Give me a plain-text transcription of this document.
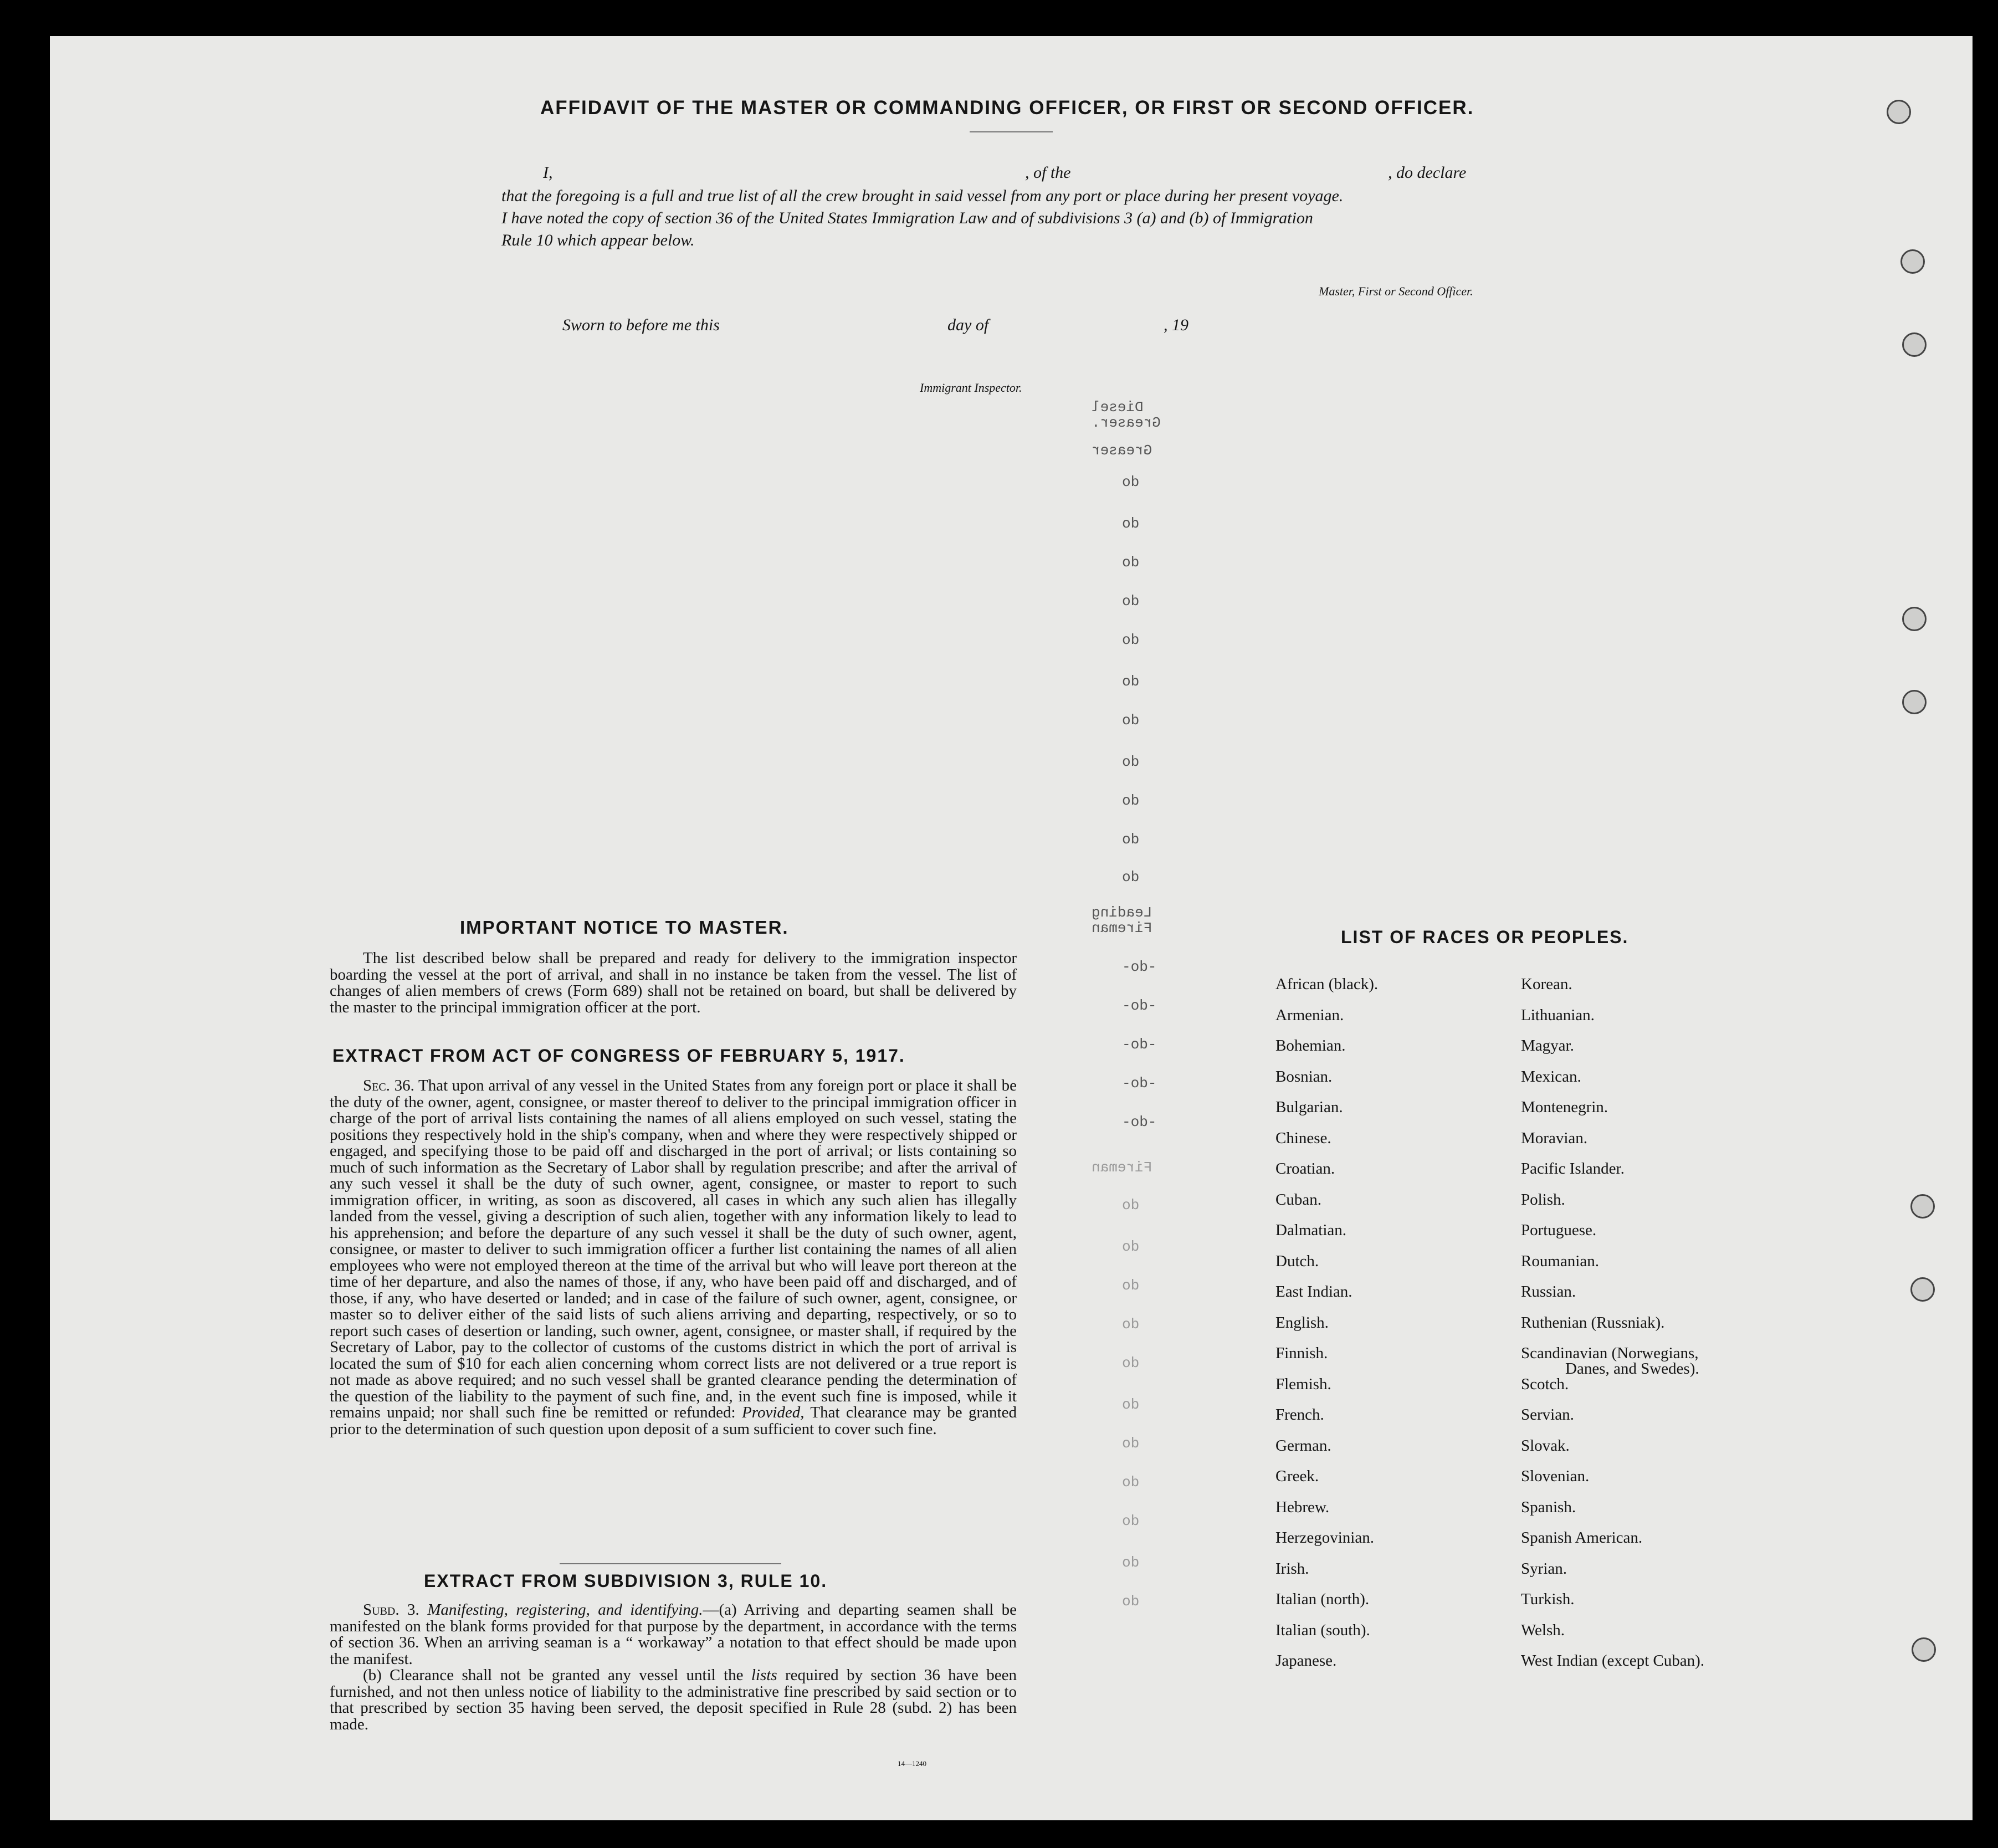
AFFIDAVIT OF THE MASTER OR COMMANDING OFFICER, OR FIRST OR SECOND OFFICER.
I,	, of the	, do declare
that the foregoing is a full and true list of all the crew brought in said vessel from any port or place during her present voyage.
I have noted the copy of section 36 of the United States Immigration Law and of subdivisions 3 (a) and (b) of Immigration
Rule 10 which appear below.
Master, First or Second Officer.
Sworn to before me this	day of	, 19
Immigrant Inspector.
Diesel
Greaser.
Greaser
do
do
do
do
do
do
do
do
do
do
do
Leading
Fireman
-do-
-do-
-do-
-do-
-do-
Fireman
do
do
do
do
do
do
do
do
do
do
do
IMPORTANT NOTICE TO MASTER.

The list described below shall be prepared and ready for delivery to the immigration inspector boarding the vessel at the port of arrival, and shall in no instance be taken from the vessel. The list of changes of alien members of crews (Form 689) shall not be retained on board, but shall be delivered by the master to the principal immigration officer at the port.

EXTRACT FROM ACT OF CONGRESS OF FEBRUARY 5, 1917.

Sec. 36. That upon arrival of any vessel in the United States from any foreign port or place it shall be the duty of the owner, agent, consignee, or master thereof to deliver to the principal immigration officer in charge of the port of arrival lists containing the names of all aliens employed on such vessel, stating the positions they respectively hold in the ship's company, when and where they were respectively shipped or engaged, and specifying those to be paid off and discharged in the port of arrival; or lists containing so much of such information as the Secretary of Labor shall by regulation prescribe; and after the arrival of any such vessel it shall be the duty of such owner, agent, consignee, or master to report to such immigration officer, in writing, as soon as discovered, all cases in which any such alien has illegally landed from the vessel, giving a description of such alien, together with any information likely to lead to his apprehension; and before the departure of any such vessel it shall be the duty of such owner, agent, consignee, or master to deliver to such immigration officer a further list containing the names of all alien employees who were not employed thereon at the time of the arrival but who will leave port thereon at the time of her departure, and also the names of those, if any, who have been paid off and discharged, and of those, if any, who have deserted or landed; and in case of the failure of such owner, agent, consignee, or master so to deliver either of the said lists of such aliens arriving and departing, respectively, or so to report such cases of desertion or landing, such owner, agent, consignee, or master shall, if required by the Secretary of Labor, pay to the collector of customs of the customs district in which the port of arrival is located the sum of $10 for each alien concerning whom correct lists are not delivered or a true report is not made as above required; and no such vessel shall be granted clearance pending the determination of the question of the liability to the payment of such fine, and, in the event such fine is imposed, while it remains unpaid; nor shall such fine be remitted or refunded: Provided, That clearance may be granted prior to the determination of such question upon deposit of a sum sufficient to cover such fine.

EXTRACT FROM SUBDIVISION 3, RULE 10.

Subd. 3. Manifesting, registering, and identifying.—(a) Arriving and departing seamen shall be manifested on the blank forms provided for that purpose by the department, in accordance with the terms of section 36. When an arriving seaman is a “ workaway” a notation to that effect should be made upon the manifest.

(b) Clearance shall not be granted any vessel until the lists required by section 36 have been furnished, and not then unless notice of liability to the administrative fine prescribed by said section or to that prescribed by section 35 having been served, the deposit specified in Rule 28 (subd. 2) has been made.

14—1240
LIST OF RACES OR PEOPLES.
African (black).
Armenian.
Bohemian.
Bosnian.
Bulgarian.
Chinese.
Croatian.
Cuban.
Dalmatian.
Dutch.
East Indian.
English.
Finnish.
Flemish.
French.
German.
Greek.
Hebrew.
Herzegovinian.
Irish.
Italian (north).
Italian (south).
Japanese.
Korean.
Lithuanian.
Magyar.
Mexican.
Montenegrin.
Moravian.
Pacific Islander.
Polish.
Portuguese.
Roumanian.
Russian.
Ruthenian (Russniak).
Scandinavian (Norwegians,
Danes, and Swedes).
Scotch.
Servian.
Slovak.
Slovenian.
Spanish.
Spanish American.
Syrian.
Turkish.
Welsh.
West Indian (except Cuban).
